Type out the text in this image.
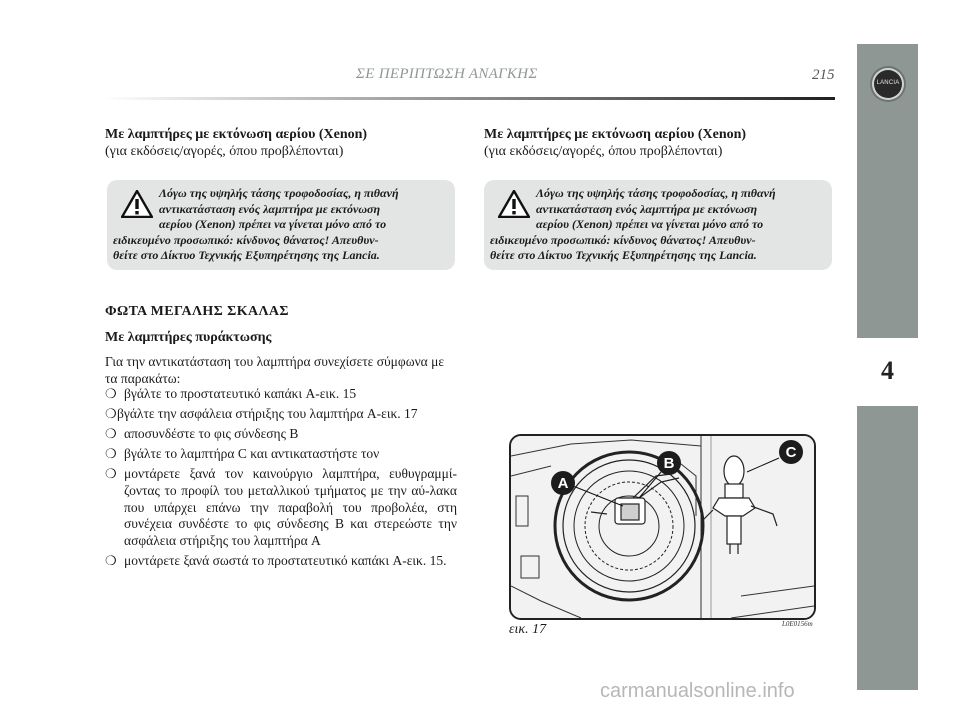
LANCIA
4
ΣΕ ΠΕΡΙΠΤΩΣΗ ΑΝΑΓΚΗΣ	215
Με λαμπτήρες με εκτόνωση αερίου (Xenon)
(για εκδόσεις/αγορές, όπου προβλέπονται)
Λόγω της υψηλής τάσης τροφοδοσίας, η πιθανή
αντικατάσταση ενός λαμπτήρα με εκτόνωση
αερίου (Xenon) πρέπει να γίνεται μόνο από το
ειδικευμένο προσωπικό: κίνδυνος θάνατος! Απευθυν-
θείτε στο Δίκτυο Τεχνικής Εξυπηρέτησης της Lancia.
ΦΩΤΑ ΜΕΓΑΛΗΣ ΣΚΑΛΑΣ
Με λαμπτήρες πυράκτωσης
Για την αντικατάσταση του λαμπτήρα συνεχίσετε σύμφωνα με τα παρακάτω:
❍ βγάλτε το προστατευτικό καπάκι A-εικ. 15
❍ βγάλτε την ασφάλεια στήριξης του λαμπτήρα A-εικ. 17
❍ αποσυνδέστε το φις σύνδεσης B
❍ βγάλτε το λαμπτήρα C και αντικαταστήστε τον
❍ μοντάρετε ξανά τον καινούργιο λαμπτήρα, ευθυγραμμί-ζοντας το προφίλ του μεταλλικού τμήματος με την αύ-λακα που υπάρχει επάνω την παραβολή του προβολέα, στη συνέχεια συνδέστε το φις σύνδεσης B και στερεώστε την ασφάλεια στήριξης του λαμπτήρα A
❍ μοντάρετε ξανά σωστά το προστατευτικό καπάκι A-εικ. 15.
Με λαμπτήρες με εκτόνωση αερίου (Xenon)
(για εκδόσεις/αγορές, όπου προβλέπονται)
Λόγω της υψηλής τάσης τροφοδοσίας, η πιθανή
αντικατάσταση ενός λαμπτήρα με εκτόνωση
αερίου (Xenon) πρέπει να γίνεται μόνο από το
ειδικευμένο προσωπικό: κίνδυνος θάνατος! Απευθυν-
θείτε στο Δίκτυο Τεχνικής Εξυπηρέτησης της Lancia.
A
B
C
εικ. 17	L0E0156m
carmanualsonline.info
